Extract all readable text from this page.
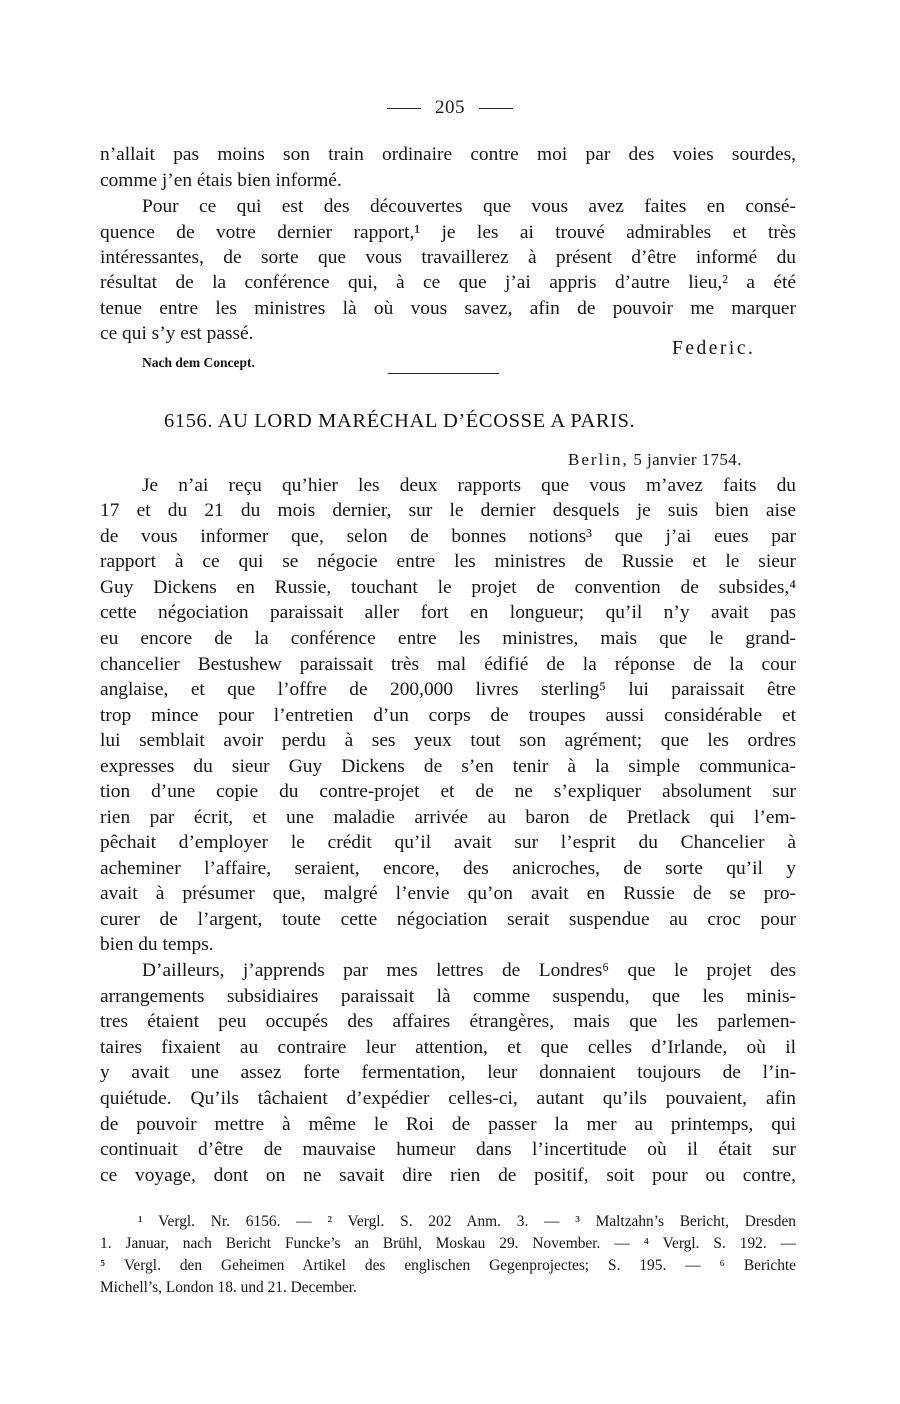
205
n’allait pas moins son train ordinaire contre moi par des voies sourdes,
comme j’en étais bien informé.
Pour ce qui est des découvertes que vous avez faites en consé-
quence de votre dernier rapport,¹ je les ai trouvé admirables et très
intéressantes, de sorte que vous travaillerez à présent d’être informé du
résultat de la conférence qui, à ce que j’ai appris d’autre lieu,² a été
tenue entre les ministres là où vous savez, afin de pouvoir me marquer
ce qui s’y est passé.
Federic.
Nach dem Concept.
6156. AU LORD MARÉCHAL D’ÉCOSSE A PARIS.
Berlin, 5 janvier 1754.
Je n’ai reçu qu’hier les deux rapports que vous m’avez faits du
17 et du 21 du mois dernier, sur le dernier desquels je suis bien aise
de vous informer que, selon de bonnes notions³ que j’ai eues par
rapport à ce qui se négocie entre les ministres de Russie et le sieur
Guy Dickens en Russie, touchant le projet de convention de subsides,⁴
cette négociation paraissait aller fort en longueur; qu’il n’y avait pas
eu encore de la conférence entre les ministres, mais que le grand-
chancelier Bestushew paraissait très mal édifié de la réponse de la cour
anglaise, et que l’offre de 200,000 livres sterling⁵ lui paraissait être
trop mince pour l’entretien d’un corps de troupes aussi considérable et
lui semblait avoir perdu à ses yeux tout son agrément; que les ordres
expresses du sieur Guy Dickens de s’en tenir à la simple communica-
tion d’une copie du contre-projet et de ne s’expliquer absolument sur
rien par écrit, et une maladie arrivée au baron de Pretlack qui l’em-
pêchait d’employer le crédit qu’il avait sur l’esprit du Chancelier à
acheminer l’affaire, seraient, encore, des anicroches, de sorte qu’il y
avait à présumer que, malgré l’envie qu’on avait en Russie de se pro-
curer de l’argent, toute cette négociation serait suspendue au croc pour
bien du temps.
D’ailleurs, j’apprends par mes lettres de Londres⁶ que le projet des
arrangements subsidiaires paraissait là comme suspendu, que les minis-
tres étaient peu occupés des affaires étrangères, mais que les parlemen-
taires fixaient au contraire leur attention, et que celles d’Irlande, où il
y avait une assez forte fermentation, leur donnaient toujours de l’in-
quiétude. Qu’ils tâchaient d’expédier celles-ci, autant qu’ils pouvaient, afin
de pouvoir mettre à même le Roi de passer la mer au printemps, qui
continuait d’être de mauvaise humeur dans l’incertitude où il était sur
ce voyage, dont on ne savait dire rien de positif, soit pour ou contre,
¹ Vergl. Nr. 6156. — ² Vergl. S. 202 Anm. 3. — ³ Maltzahn’s Bericht, Dresden
1. Januar, nach Bericht Funcke’s an Brühl, Moskau 29. November. — ⁴ Vergl. S. 192. —
⁵ Vergl. den Geheimen Artikel des englischen Gegenprojectes; S. 195. — ⁶ Berichte
Michell’s, London 18. und 21. December.
